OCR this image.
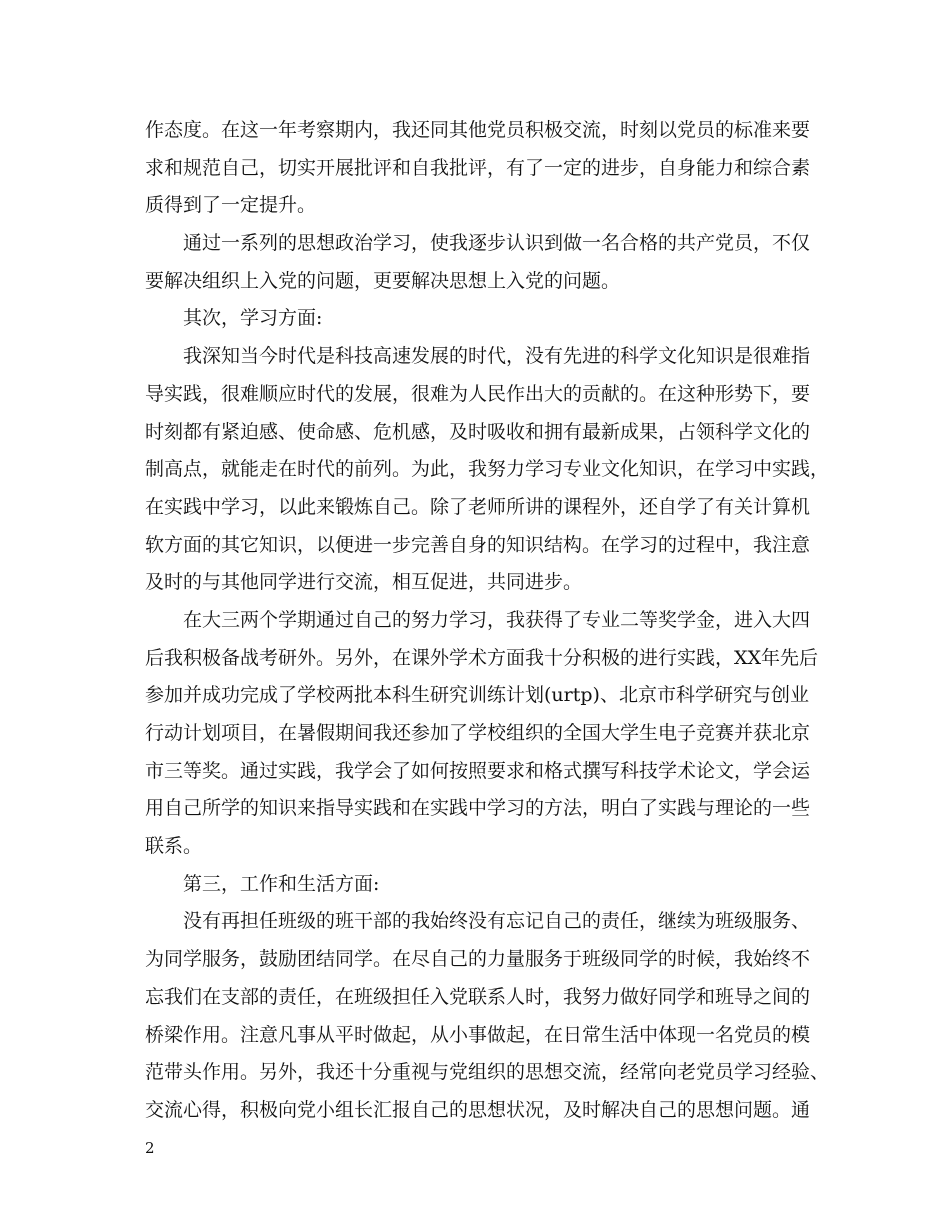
作态度。在这一年考察期内，我还同其他党员积极交流，时刻以党员的标准来要
求和规范自己，切实开展批评和自我批评，有了一定的进步，自身能力和综合素
质得到了一定提升。
通过一系列的思想政治学习，使我逐步认识到做一名合格的共产党员，不仅
要解决组织上入党的问题，更要解决思想上入党的问题。
其次，学习方面:
我深知当今时代是科技高速发展的时代，没有先进的科学文化知识是很难指
导实践，很难顺应时代的发展，很难为人民作出大的贡献的。在这种形势下，要
时刻都有紧迫感、使命感、危机感，及时吸收和拥有最新成果，占领科学文化的
制高点，就能走在时代的前列。为此，我努力学习专业文化知识，在学习中实践，
在实践中学习，以此来锻炼自己。除了老师所讲的课程外，还自学了有关计算机
软方面的其它知识，以便进一步完善自身的知识结构。在学习的过程中，我注意
及时的与其他同学进行交流，相互促进，共同进步。
在大三两个学期通过自己的努力学习，我获得了专业二等奖学金，进入大四
后我积极备战考研外。另外，在课外学术方面我十分积极的进行实践，XX年先后
参加并成功完成了学校两批本科生研究训练计划(urtp)、北京市科学研究与创业
行动计划项目，在暑假期间我还参加了学校组织的全国大学生电子竞赛并获北京
市三等奖。通过实践，我学会了如何按照要求和格式撰写科技学术论文，学会运
用自己所学的知识来指导实践和在实践中学习的方法，明白了实践与理论的一些
联系。
第三，工作和生活方面:
没有再担任班级的班干部的我始终没有忘记自己的责任，继续为班级服务、
为同学服务，鼓励团结同学。在尽自己的力量服务于班级同学的时候，我始终不
忘我们在支部的责任，在班级担任入党联系人时，我努力做好同学和班导之间的
桥梁作用。注意凡事从平时做起，从小事做起，在日常生活中体现一名党员的模
范带头作用。另外，我还十分重视与党组织的思想交流，经常向老党员学习经验、
交流心得，积极向党小组长汇报自己的思想状况，及时解决自己的思想问题。通
2
